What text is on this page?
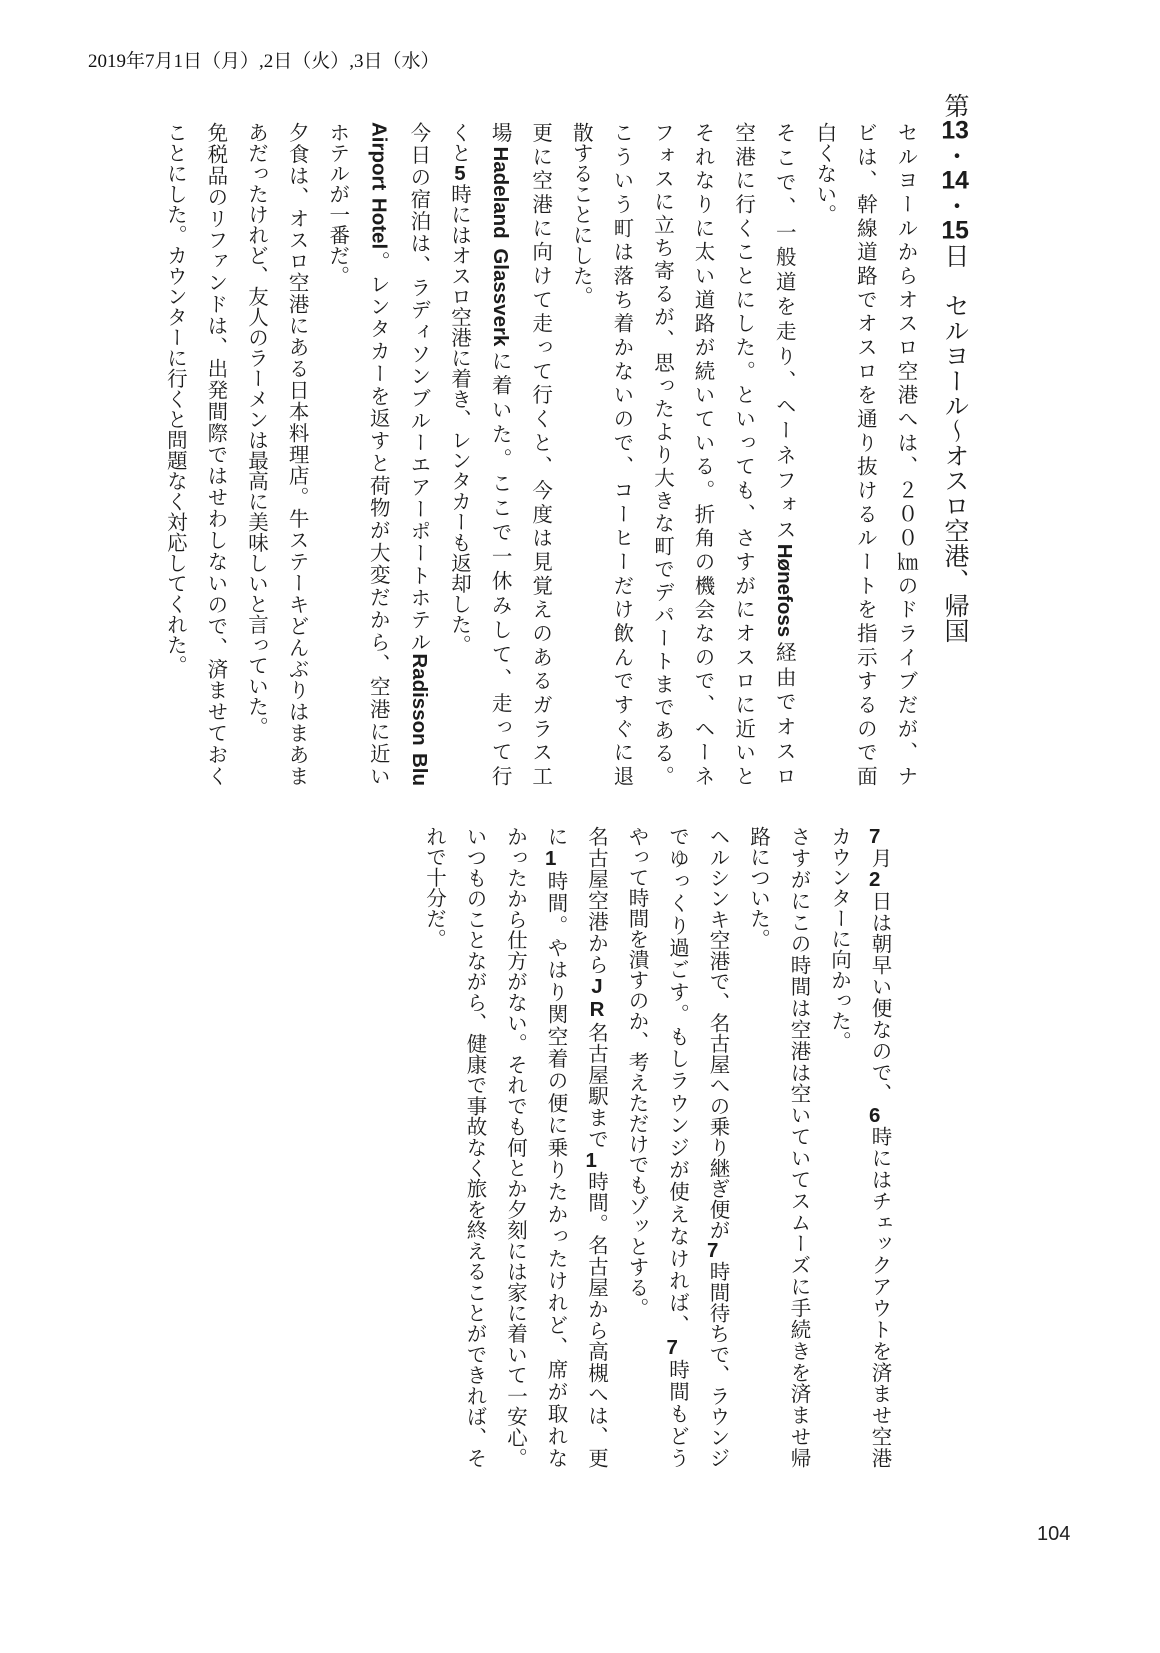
2019年7月1日（月）,2日（火）,3日（水）
第13・14・15日　セルヨール～オスロ空港、帰国
セルヨールからオスロ空港へは、２００㎞のドライブだが、ナ
ビは、幹線道路でオスロを通り抜けるルートを指示するので面
白くない。
そこで、一般道を走り、ヘーネフォスHønefoss経由でオスロ
空港に行くことにした。といっても、さすがにオスロに近いと
それなりに太い道路が続いている。折角の機会なので、ヘーネ
フォスに立ち寄るが、思ったより大きな町でデパートまである。
こういう町は落ち着かないので、コーヒーだけ飲んですぐに退
散することにした。
更に空港に向けて走って行くと、今度は見覚えのあるガラス工
場Hadeland Glassverkに着いた。ここで一休みして、走って行
くと5時にはオスロ空港に着き、レンタカーも返却した。
今日の宿泊は、ラディソンブルーエアーポートホテルRadisson Blu
Airport Hotel。レンタカーを返すと荷物が大変だから、空港に近い
ホテルが一番だ。
夕食は、オスロ空港にある日本料理店。牛ステーキどんぶりはまあま
あだったけれど、友人のラーメンは最高に美味しいと言っていた。
免税品のリファンドは、出発間際ではせわしないので、済ませておく
ことにした。カウンターに行くと問題なく対応してくれた。
7月2日は朝早い便なので、6時にはチェックアウトを済ませ空港
カウンターに向かった。
さすがにこの時間は空港は空いていてスムーズに手続きを済ませ帰
路についた。
ヘルシンキ空港で、名古屋への乗り継ぎ便が7時間待ちで、ラウンジ
でゆっくり過ごす。もしラウンジが使えなければ、7時間もどう
やって時間を潰すのか、考えただけでもゾッとする。
名古屋空港からJR名古屋駅まで1時間。名古屋から高槻へは、更
に1時間。やはり関空着の便に乗りたかったけれど、席が取れな
かったから仕方がない。それでも何とか夕刻には家に着いて一安心。
いつものことながら、健康で事故なく旅を終えることができれば、そ
れで十分だ。
104
